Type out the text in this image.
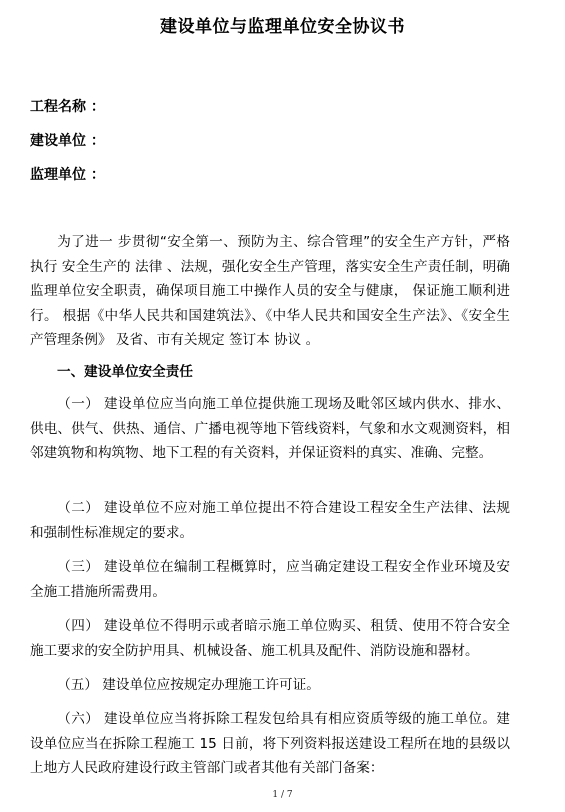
建设单位与监理单位安全协议书
工程名称 ：
建设单位 ：
监理单位 ：
为了进一 步贯彻“安全第一、预防为主、综合管理”的安全生产方针，严格执行 安全生产的 法律 、法规，强化安全生产管理，落实安全生产责任制，明确监理单位安全职责，确保项目施工中操作人员的安全与健康， 保证施工顺利进行。 根据《中华人民共和国建筑法》、《中华人民共和国安全生产法》、《安全生产管理条例》 及省、市有关规定 签订本 协议 。
一、建设单位安全责任
（一） 建设单位应当向施工单位提供施工现场及毗邻区域内供水、排水、供电、供气、供热、通信、广播电视等地下管线资料，气象和水文观测资料，相邻建筑物和构筑物、地下工程的有关资料，并保证资料的真实、准确、完整。
（二） 建设单位不应对施工单位提出不符合建设工程安全生产法律、法规和强制性标准规定的要求。
（三） 建设单位在编制工程概算时，应当确定建设工程安全作业环境及安全施工措施所需费用。
（四） 建设单位不得明示或者暗示施工单位购买、租赁、使用不符合安全施工要求的安全防护用具、机械设备、施工机具及配件、消防设施和器材。
（五） 建设单位应按规定办理施工许可证。
（六） 建设单位应当将拆除工程发包给具有相应资质等级的施工单位。建设单位应当在拆除工程施工 15 日前，将下列资料报送建设工程所在地的县级以上地方人民政府建设行政主管部门或者其他有关部门备案：
1 / 7
